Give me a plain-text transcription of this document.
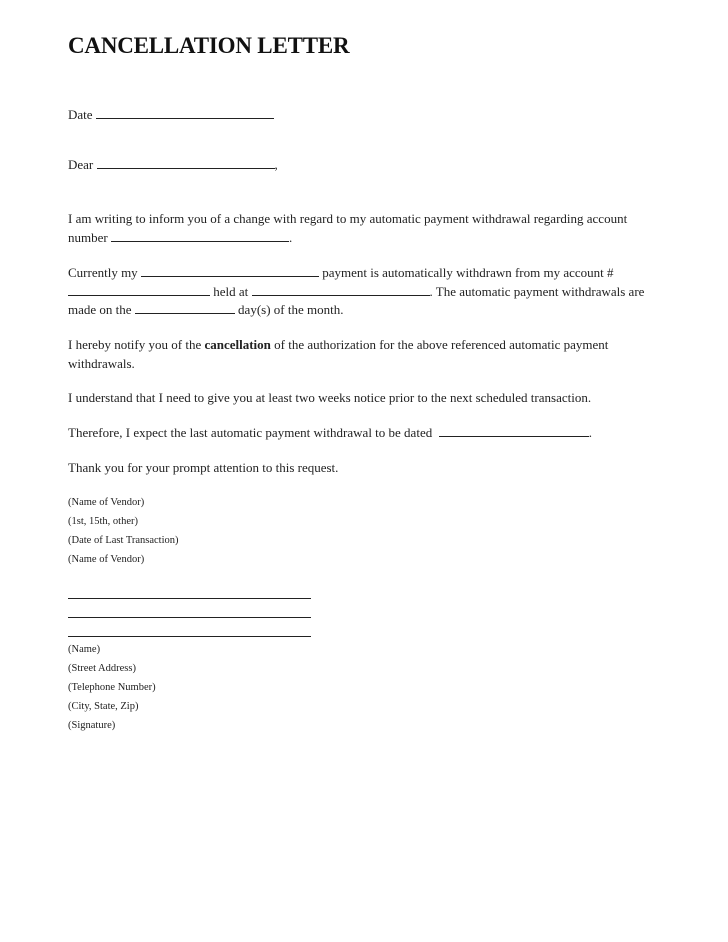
CANCELLATION LETTER
Date
Dear	,
I am writing to inform you of a change with regard to my automatic payment withdrawal regarding account
number	.
Currently my	payment is automatically withdrawn from my account #
held at	. The automatic payment withdrawals are
made on the	day(s) of the month.
I hereby notify you of the cancellation of the authorization for the above referenced automatic payment
withdrawals.
I understand that I need to give you at least two weeks notice prior to the next scheduled transaction.
Therefore, I expect the last automatic payment withdrawal to be dated	.
Thank you for your prompt attention to this request.
(Name of Vendor)
(1st, 15th, other)
(Date of Last Transaction)
(Name of Vendor)
(Name)
(Street Address)
(Telephone Number)
(City, State, Zip)
(Signature)
